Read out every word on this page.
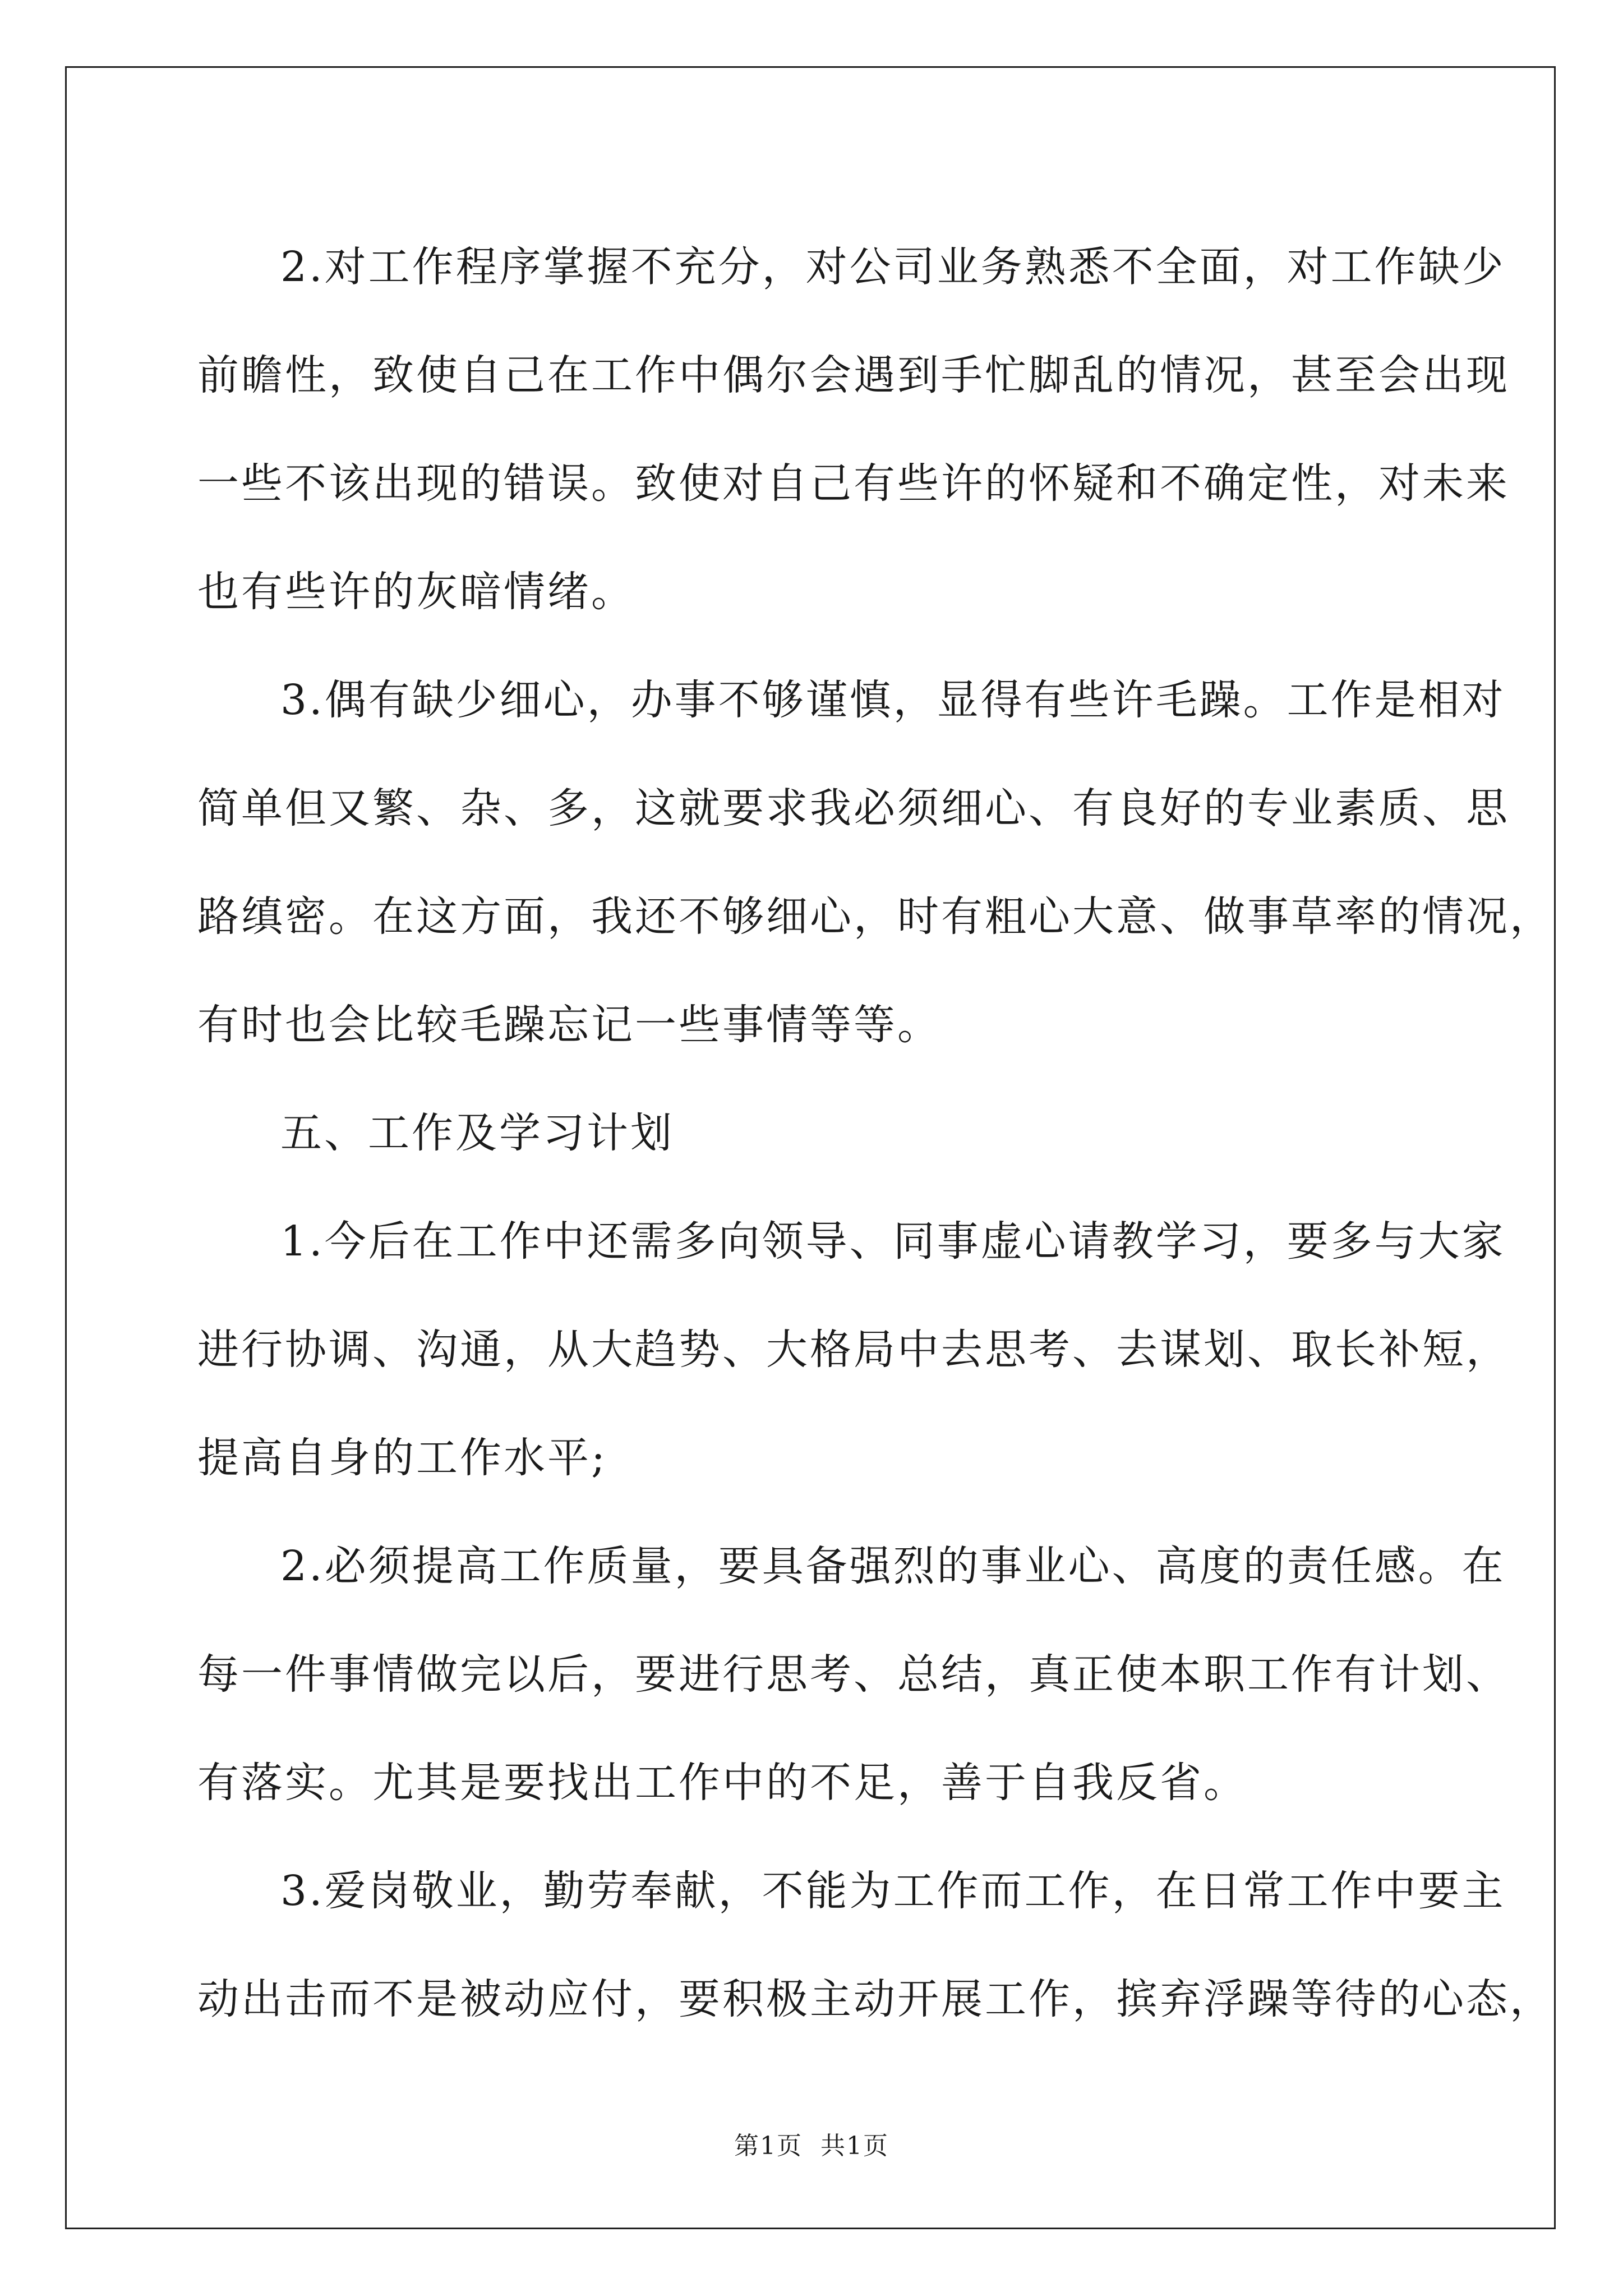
2.对工作程序掌握不充分，对公司业务熟悉不全面，对工作缺少
前瞻性，致使自己在工作中偶尔会遇到手忙脚乱的情况，甚至会出现
一些不该出现的错误。致使对自己有些许的怀疑和不确定性，对未来
也有些许的灰暗情绪。

3.偶有缺少细心，办事不够谨慎，显得有些许毛躁。工作是相对
简单但又繁、杂、多，这就要求我必须细心、有良好的专业素质、思
路缜密。在这方面，我还不够细心，时有粗心大意、做事草率的情况，
有时也会比较毛躁忘记一些事情等等。

五、工作及学习计划

1.今后在工作中还需多向领导、同事虚心请教学习，要多与大家
进行协调、沟通，从大趋势、大格局中去思考、去谋划、取长补短，
提高自身的工作水平;

2.必须提高工作质量，要具备强烈的事业心、高度的责任感。在
每一件事情做完以后，要进行思考、总结，真正使本职工作有计划、
有落实。尤其是要找出工作中的不足，善于自我反省。

3.爱岗敬业，勤劳奉献，不能为工作而工作，在日常工作中要主
动出击而不是被动应付，要积极主动开展工作，摈弃浮躁等待的心态，

第1页 共1页
